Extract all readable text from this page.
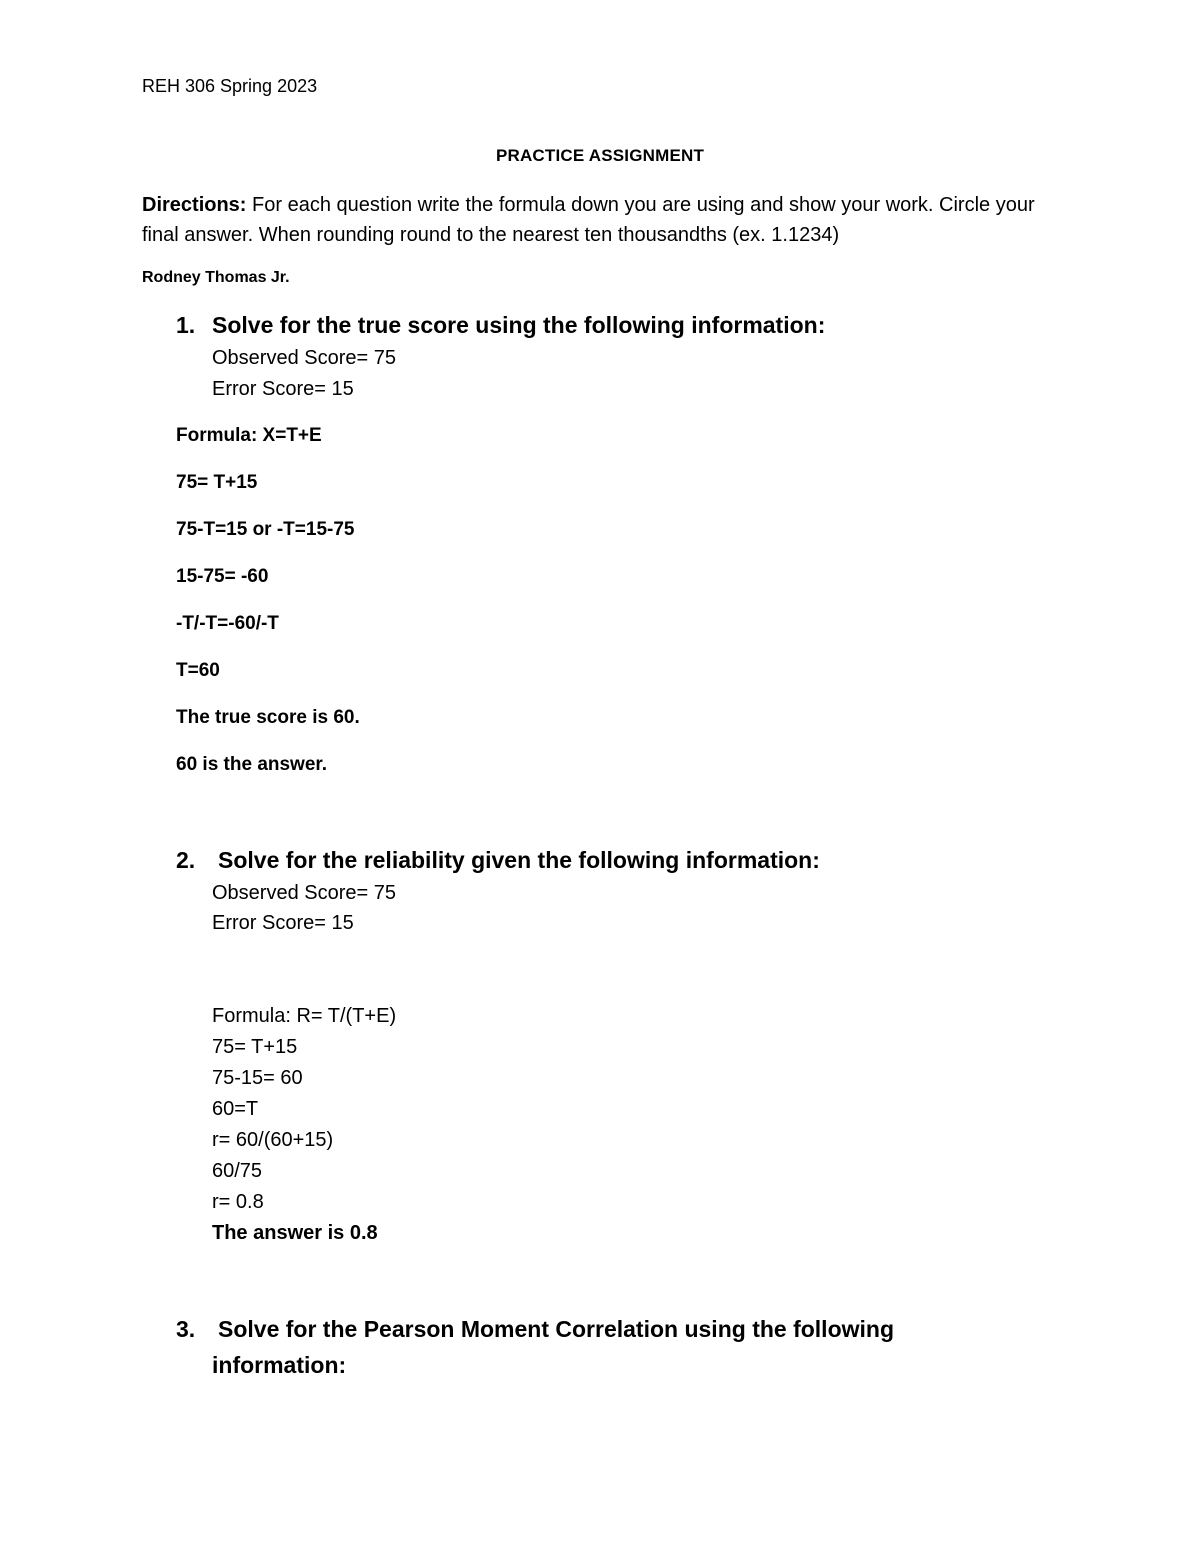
REH 306 Spring 2023
PRACTICE ASSIGNMENT
Directions: For each question write the formula down you are using and show your work. Circle your final answer. When rounding round to the nearest ten thousandths (ex. 1.1234)
Rodney Thomas Jr.
1. Solve for the true score using the following information:
Observed Score= 75
Error Score= 15
Formula: X=T+E
75= T+15
75-T=15 or -T=15-75
15-75= -60
-T/-T=-60/-T
T=60
The true score is 60.
60 is the answer.
2. Solve for the reliability given the following information:
Observed Score= 75
Error Score= 15
Formula: R= T/(T+E)
75= T+15
75-15= 60
60=T
r= 60/(60+15)
60/75
r= 0.8
The answer is 0.8
3. Solve for the Pearson Moment Correlation using the following
information:
